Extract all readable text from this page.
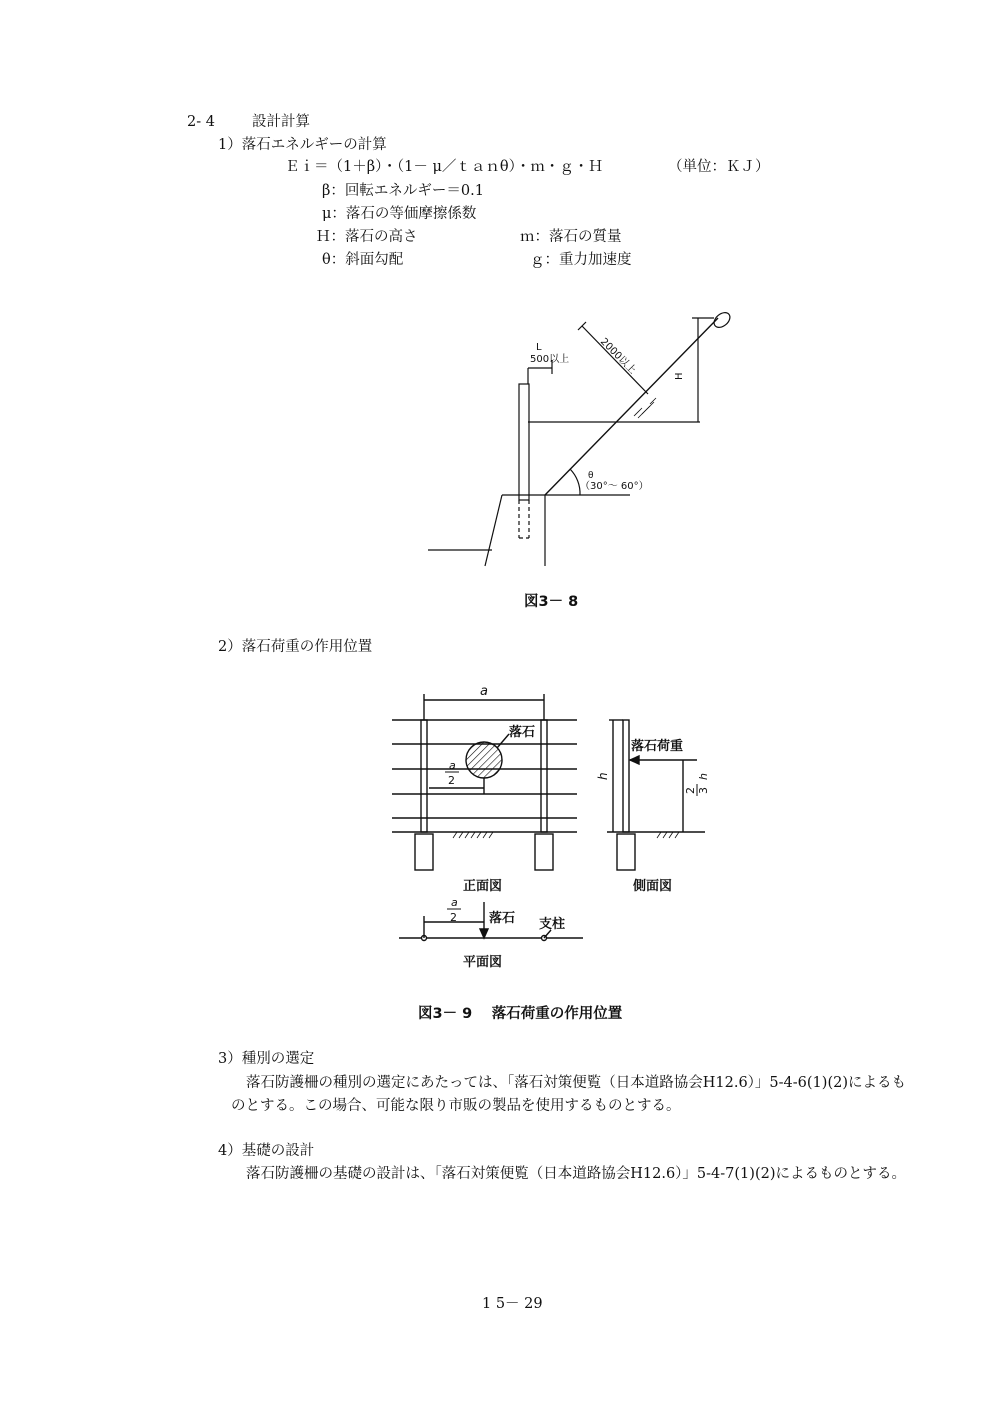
2- 4	設計計算
1）落石エネルギーの計算
Ｅｉ＝（1＋β）・（1－ μ／ｔａｎθ）・ｍ・ｇ・Ｈ	（単位：ＫＪ）
β：回転エネルギー＝0.1
μ：落石の等価摩擦係数
Ｈ：落石の高さ	ｍ：落石の質量
θ：斜面勾配	ｇ：重力加速度
L
500以上	2000以上	H
θ
（30°～ 60°）
図3－ 8
2）落石荷重の作用位置
a
落石
a
2
落石荷重
h
2 3
h
正面図	側面図
a
2 落石 支柱
平面図
図3－ 9　 落石荷重の作用位置
3）種別の選定
落石防護柵の種別の選定にあたっては、「落石対策便覧（日本道路協会H12.6）」5-4-6(1)(2)によるも
のとする。この場合、可能な限り市販の製品を使用するものとする。
4）基礎の設計
落石防護柵の基礎の設計は、「落石対策便覧（日本道路協会H12.6）」5-4-7(1)(2)によるものとする。
1 5－ 29
